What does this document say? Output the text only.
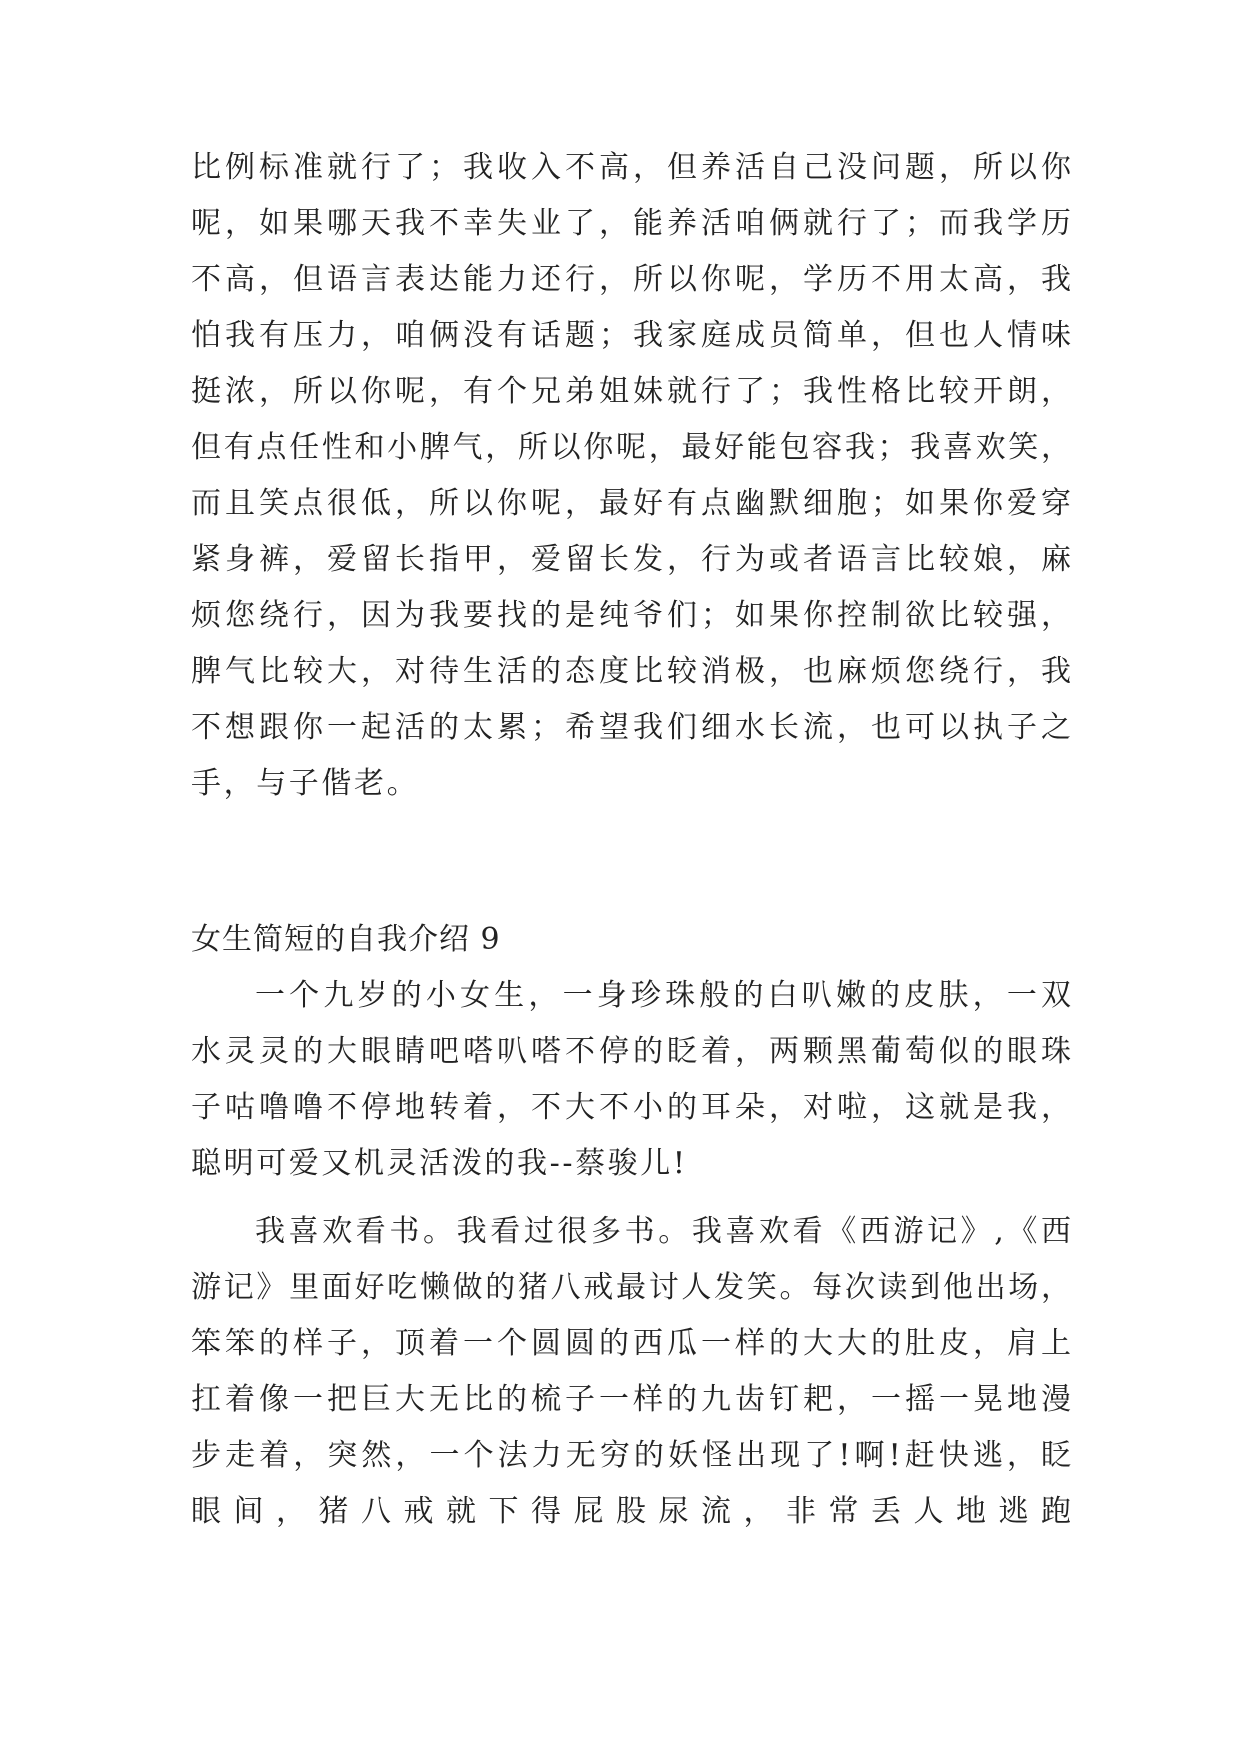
比例标准就行了；我收入不高，但养活自己没问题，所以你
呢，如果哪天我不幸失业了，能养活咱俩就行了；而我学历
不高，但语言表达能力还行，所以你呢，学历不用太高，我
怕我有压力，咱俩没有话题；我家庭成员简单，但也人情味
挺浓，所以你呢，有个兄弟姐妹就行了；我性格比较开朗，
但有点任性和小脾气，所以你呢，最好能包容我；我喜欢笑，
而且笑点很低，所以你呢，最好有点幽默细胞；如果你爱穿
紧身裤，爱留长指甲，爱留长发，行为或者语言比较娘，麻
烦您绕行，因为我要找的是纯爷们；如果你控制欲比较强，
脾气比较大，对待生活的态度比较消极，也麻烦您绕行，我
不想跟你一起活的太累；希望我们细水长流，也可以执子之
手，与子偕老。
女生简短的自我介绍 9
一个九岁的小女生，一身珍珠般的白叭嫩的皮肤，一双
水灵灵的大眼睛吧嗒叭嗒不停的眨着，两颗黑葡萄似的眼珠
子咕噜噜不停地转着，不大不小的耳朵，对啦，这就是我，
聪明可爱又机灵活泼的我--蔡骏儿!
我喜欢看书。我看过很多书。我喜欢看《西游记》,《西
游记》里面好吃懒做的猪八戒最讨人发笑。每次读到他出场，
笨笨的样子，顶着一个圆圆的西瓜一样的大大的肚皮，肩上
扛着像一把巨大无比的梳子一样的九齿钉耙，一摇一晃地漫
步走着，突然，一个法力无穷的妖怪出现了!啊!赶快逃，眨
眼间，猪八戒就下得屁股尿流，非常丢人地逃跑
